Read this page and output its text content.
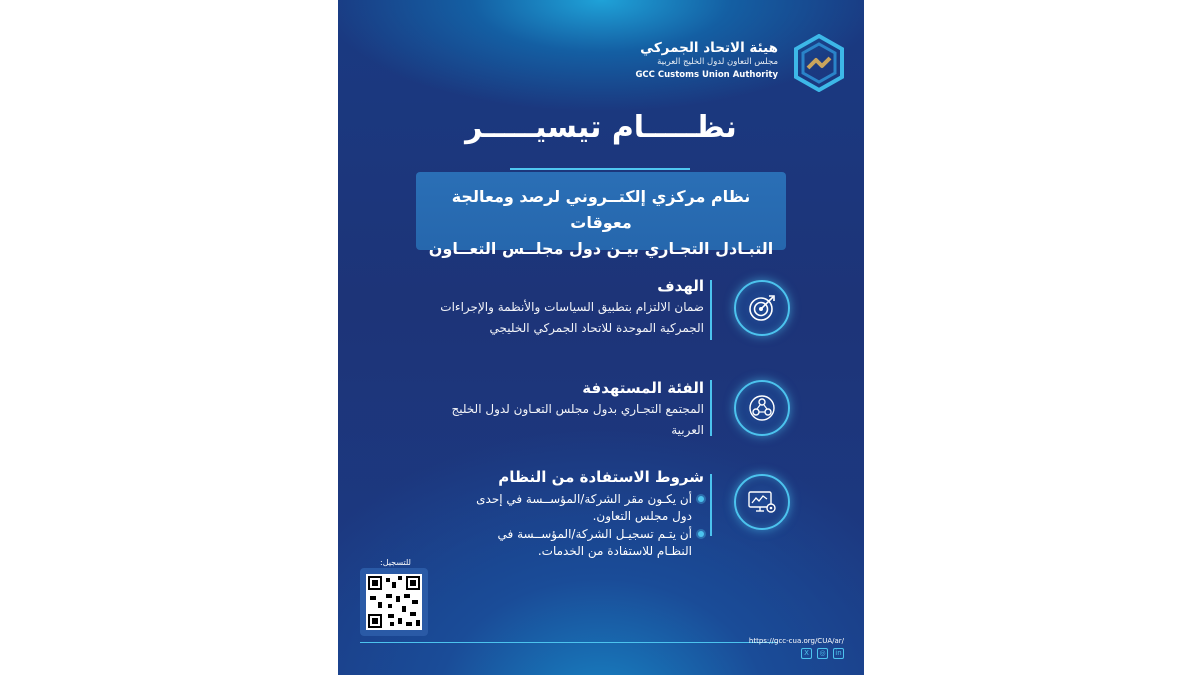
هيئة الاتحاد الجمركي
مجلس التعاون لدول الخليج العربية
GCC Customs Union Authority
نظـــــام تيسيـــــر
نظام مركزي إلكتــروني لرصد ومعالجة معوقات
التبـادل التجـاري بيـن دول مجلــس التعــاون
الهدف
ضمان الالتزام بتطبيق السياسات والأنظمة والإجراءات
الجمركية الموحدة للاتحاد الجمركي الخليجي
الفئة المستهدفة
المجتمع التجـاري بدول مجلس التعـاون لدول الخليج
العربية
شروط الاستفادة من النظام
أن يكـون مقر الشركة/المؤســسة في إحدى دول مجلس التعاون.
أن يتـم تسجيـل الشركة/المؤســسة في النظـام للاستفادة من الخدمات.
للتسجيل:
https://gcc-cua.org/CUA/ar/
X	◎	in
